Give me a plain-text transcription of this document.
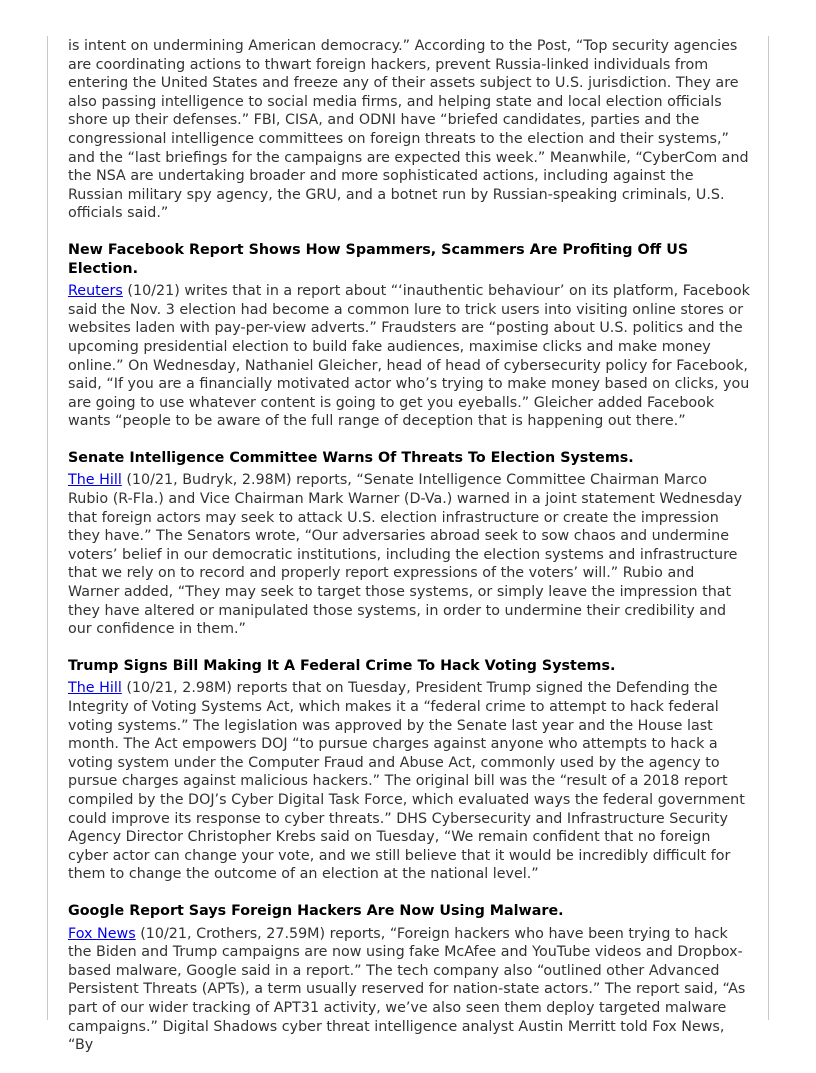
is intent on undermining American democracy.” According to the Post, “Top security agencies are coordinating actions to thwart foreign hackers, prevent Russia-linked individuals from entering the United States and freeze any of their assets subject to U.S. jurisdiction. They are also passing intelligence to social media firms, and helping state and local election officials shore up their defenses.” FBI, CISA, and ODNI have “briefed candidates, parties and the congressional intelligence committees on foreign threats to the election and their systems,” and the “last briefings for the campaigns are expected this week.” Meanwhile, “CyberCom and the NSA are undertaking broader and more sophisticated actions, including against the Russian military spy agency, the GRU, and a botnet run by Russian-speaking criminals, U.S. officials said.”

New Facebook Report Shows How Spammers, Scammers Are Profiting Off US Election.

Reuters (10/21) writes that in a report about “‘inauthentic behaviour’ on its platform, Facebook said the Nov. 3 election had become a common lure to trick users into visiting online stores or websites laden with pay-per-view adverts.” Fraudsters are “posting about U.S. politics and the upcoming presidential election to build fake audiences, maximise clicks and make money online.” On Wednesday, Nathaniel Gleicher, head of head of cybersecurity policy for Facebook, said, “If you are a financially motivated actor who’s trying to make money based on clicks, you are going to use whatever content is going to get you eyeballs.” Gleicher added Facebook wants “people to be aware of the full range of deception that is happening out there.”

Senate Intelligence Committee Warns Of Threats To Election Systems.

The Hill (10/21, Budryk, 2.98M) reports, “Senate Intelligence Committee Chairman Marco Rubio (R-Fla.) and Vice Chairman Mark Warner (D-Va.) warned in a joint statement Wednesday that foreign actors may seek to attack U.S. election infrastructure or create the impression they have.” The Senators wrote, “Our adversaries abroad seek to sow chaos and undermine voters’ belief in our democratic institutions, including the election systems and infrastructure that we rely on to record and properly report expressions of the voters’ will.” Rubio and Warner added, “They may seek to target those systems, or simply leave the impression that they have altered or manipulated those systems, in order to undermine their credibility and our confidence in them.”

Trump Signs Bill Making It A Federal Crime To Hack Voting Systems.

The Hill (10/21, 2.98M) reports that on Tuesday, President Trump signed the Defending the Integrity of Voting Systems Act, which makes it a “federal crime to attempt to hack federal voting systems.” The legislation was approved by the Senate last year and the House last month. The Act empowers DOJ “to pursue charges against anyone who attempts to hack a voting system under the Computer Fraud and Abuse Act, commonly used by the agency to pursue charges against malicious hackers.” The original bill was the “result of a 2018 report compiled by the DOJ’s Cyber Digital Task Force, which evaluated ways the federal government could improve its response to cyber threats.” DHS Cybersecurity and Infrastructure Security Agency Director Christopher Krebs said on Tuesday, “We remain confident that no foreign cyber actor can change your vote, and we still believe that it would be incredibly difficult for them to change the outcome of an election at the national level.”

Google Report Says Foreign Hackers Are Now Using Malware.

Fox News (10/21, Crothers, 27.59M) reports, “Foreign hackers who have been trying to hack the Biden and Trump campaigns are now using fake McAfee and YouTube videos and Dropbox-based malware, Google said in a report.” The tech company also “outlined other Advanced Persistent Threats (APTs), a term usually reserved for nation-state actors.” The report said, “As part of our wider tracking of APT31 activity, we’ve also seen them deploy targeted malware campaigns.” Digital Shadows cyber threat intelligence analyst Austin Merritt told Fox News, “By
